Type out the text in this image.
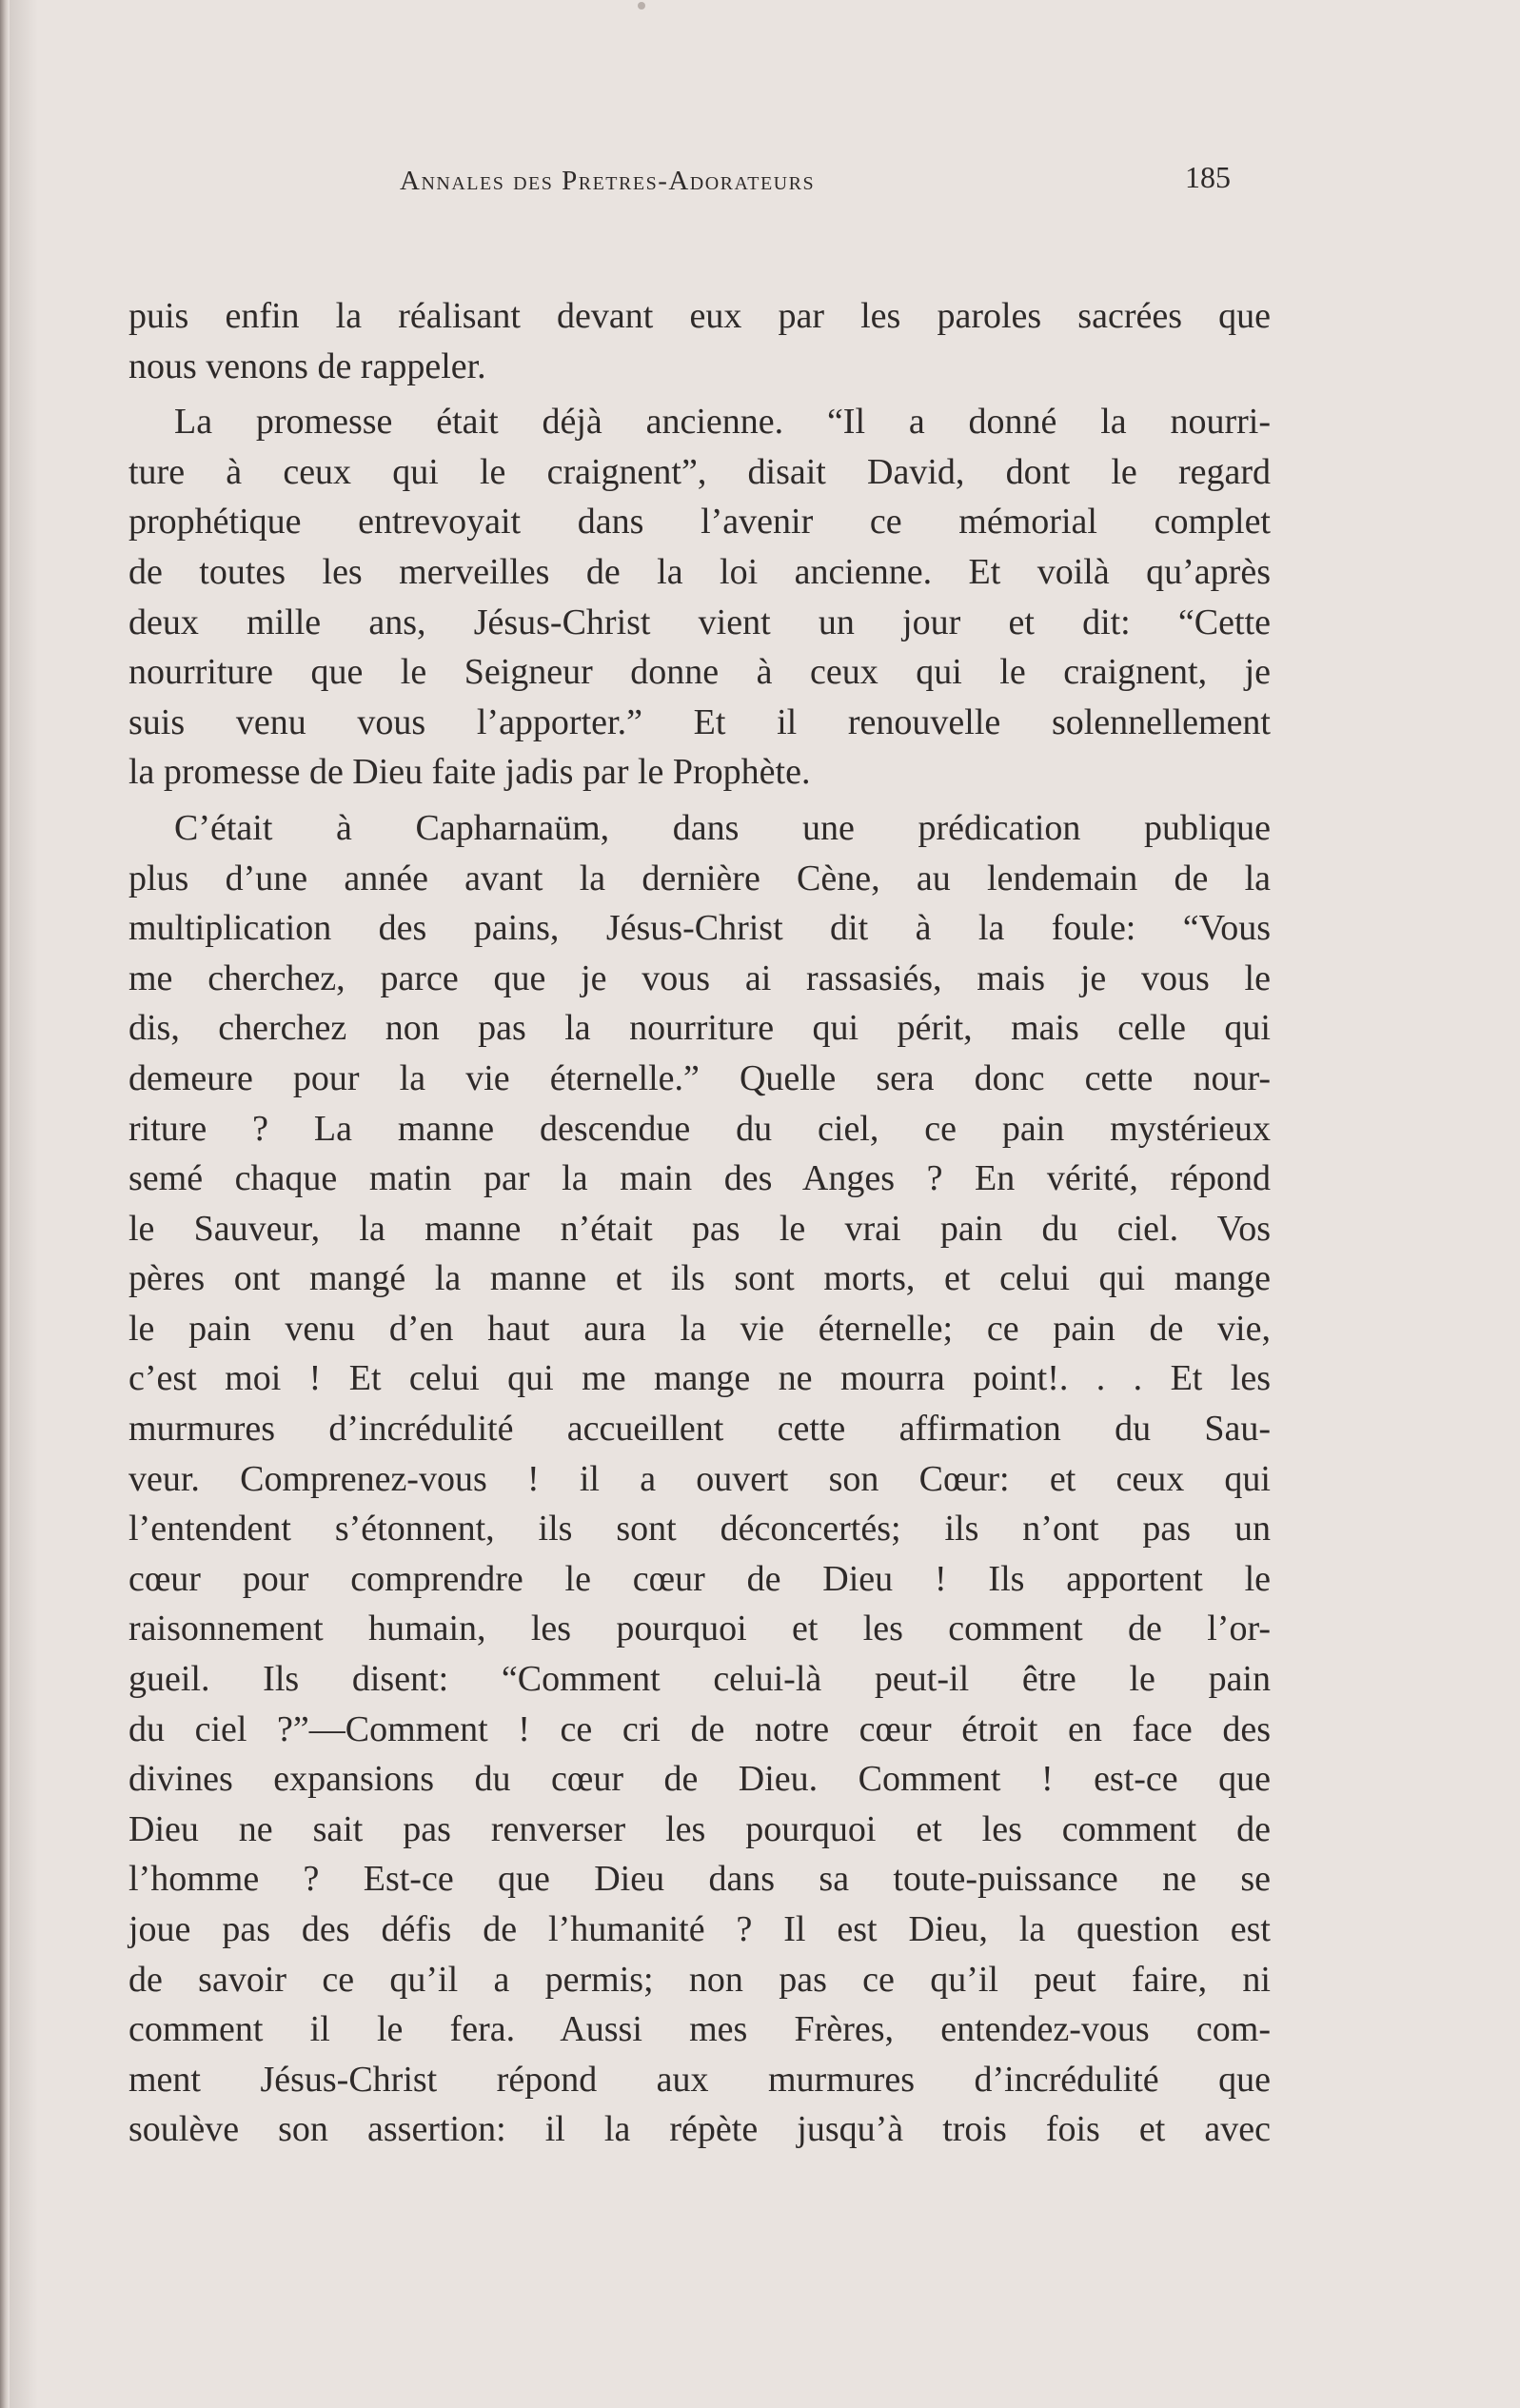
Annales des Pretres-Adorateurs	185
puis enfin la réalisant devant eux par les paroles sacrées que
nous venons de rappeler.
La promesse était déjà ancienne. “Il a donné la nourri-
ture à ceux qui le craignent”, disait David, dont le regard
prophétique entrevoyait dans l’avenir ce mémorial complet
de toutes les merveilles de la loi ancienne. Et voilà qu’après
deux mille ans, Jésus-Christ vient un jour et dit: “Cette
nourriture que le Seigneur donne à ceux qui le craignent, je
suis venu vous l’apporter.” Et il renouvelle solennellement
la promesse de Dieu faite jadis par le Prophète.
C’était à Capharnaüm, dans une prédication publique
plus d’une année avant la dernière Cène, au lendemain de la
multiplication des pains, Jésus-Christ dit à la foule: “Vous
me cherchez, parce que je vous ai rassasiés, mais je vous le
dis, cherchez non pas la nourriture qui périt, mais celle qui
demeure pour la vie éternelle.” Quelle sera donc cette nour-
riture ? La manne descendue du ciel, ce pain mystérieux
semé chaque matin par la main des Anges ? En vérité, répond
le Sauveur, la manne n’était pas le vrai pain du ciel. Vos
pères ont mangé la manne et ils sont morts, et celui qui mange
le pain venu d’en haut aura la vie éternelle; ce pain de vie,
c’est moi ! Et celui qui me mange ne mourra point!. . . Et les
murmures d’incrédulité accueillent cette affirmation du Sau-
veur. Comprenez-vous ! il a ouvert son Cœur: et ceux qui
l’entendent s’étonnent, ils sont déconcertés; ils n’ont pas un
cœur pour comprendre le cœur de Dieu ! Ils apportent le
raisonnement humain, les pourquoi et les comment de l’or-
gueil. Ils disent: “Comment celui-là peut-il être le pain
du ciel ?”—Comment ! ce cri de notre cœur étroit en face des
divines expansions du cœur de Dieu. Comment ! est-ce que
Dieu ne sait pas renverser les pourquoi et les comment de
l’homme ? Est-ce que Dieu dans sa toute-puissance ne se
joue pas des défis de l’humanité ? Il est Dieu, la question est
de savoir ce qu’il a permis; non pas ce qu’il peut faire, ni
comment il le fera. Aussi mes Frères, entendez-vous com-
ment Jésus-Christ répond aux murmures d’incrédulité que
soulève son assertion: il la répète jusqu’à trois fois et avec
